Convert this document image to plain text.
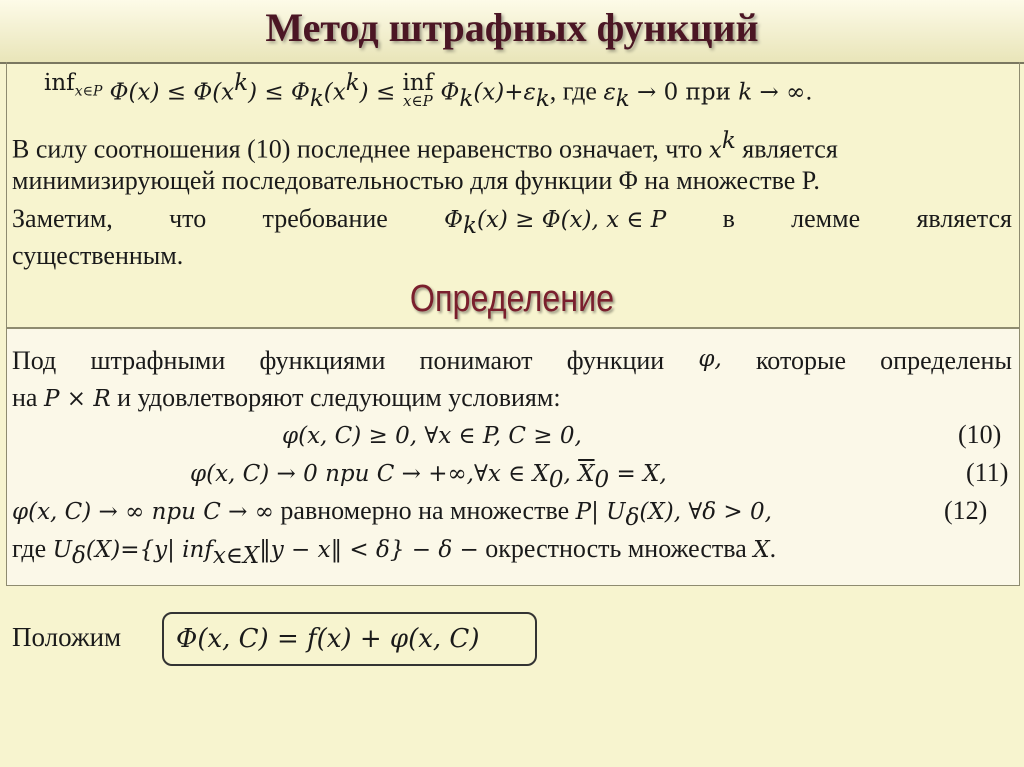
Метод штрафных функций
inf$_{x\in P}$ $\Phi(x) \le \Phi(x^k) \le \Phi_k(x^k)$ ≤ inf
x∈P $\Phi_k(x)+\varepsilon_k$, где $\varepsilon_k \to 0$ при k → ∞.
В силу соотношения (10) последнее неравенство означает, что $x^k$ является
минимизирующей последовательностью для функции Φ на множестве P.
Заметим, что требование $\Phi_k(x) \ge \Phi(x)$, x ∈ P в лемме является
существенным.
Определение
Под штрафными функциями понимают функции φ, которые определены
на P × R и удовлетворяют следующим условиям:
φ(x, C) ≥ 0, ∀x ∈ P, C ≥ 0,	(10)
φ(x, C) → 0 при C → +∞,∀x ∈ $X_0$, $\overline{X}_0 = X$,	(11)
φ(x, C) → ∞ при C → ∞ равномерно на множестве P| $U_\delta(X)$, ∀δ > 0,	(12)
где $U_\delta(X)=\{y|$ inf$_{x\in X}$‖y − x‖ < δ} − δ − окрестность множества X.
Положим	Φ(x, C) = f(x) + φ(x, C)
